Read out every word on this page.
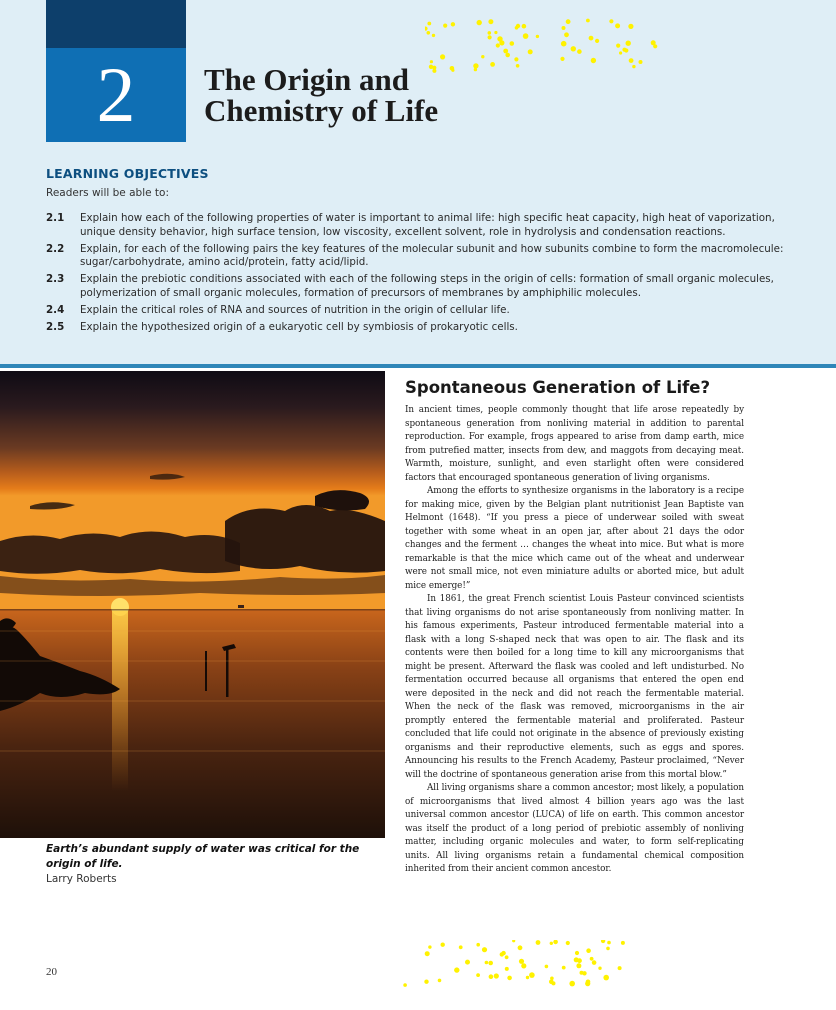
2	The Origin and
Chemistry of Life
LEARNING OBJECTIVES

Readers will be able to:

2.1	Explain how each of the following properties of water is important to animal life: high specific heat capacity, high heat of vaporization, unique density behavior, high surface tension, low viscosity, excellent solvent, role in hydrolysis and condensation reactions.
2.2	Explain, for each of the following pairs the key features of the molecular subunit and how subunits combine to form the macromolecule: sugar/carbohydrate, amino acid/protein, fatty acid/lipid.
2.3	Explain the prebiotic conditions associated with each of the following steps in the origin of cells: formation of small organic molecules, polymerization of small organic molecules, formation of precursors of membranes by amphiphilic molecules.
2.4	Explain the critical roles of RNA and sources of nutrition in the origin of cellular life.
2.5	Explain the hypothesized origin of a eukaryotic cell by symbiosis of prokaryotic cells.
Earth’s abundant supply of water was critical for the origin of life.
Larry Roberts
Spontaneous Generation of Life?

In ancient times, people commonly thought that life arose repeatedly by spontaneous generation from nonliving material in addition to parental reproduction. For example, frogs appeared to arise from damp earth, mice from putrefied matter, insects from dew, and maggots from decaying meat. Warmth, moisture, sunlight, and even starlight often were considered factors that encouraged spontaneous generation of living organisms.

Among the efforts to synthesize organisms in the laboratory is a recipe for making mice, given by the Belgian plant nutritionist Jean Baptiste van Helmont (1648). “If you press a piece of underwear soiled with sweat together with some wheat in an open jar, after about 21 days the odor changes and the ferment … changes the wheat into mice. But what is more remarkable is that the mice which came out of the wheat and underwear were not small mice, not even miniature adults or aborted mice, but adult mice emerge!”

In 1861, the great French scientist Louis Pasteur convinced scientists that living organisms do not arise spontaneously from nonliving matter. In his famous experiments, Pasteur introduced fermentable material into a flask with a long S-shaped neck that was open to air. The flask and its contents were then boiled for a long time to kill any microorganisms that might be present. Afterward the flask was cooled and left undisturbed. No fermentation occurred because all organisms that entered the open end were deposited in the neck and did not reach the fermentable material. When the neck of the flask was removed, microorganisms in the air promptly entered the fermentable material and proliferated. Pasteur concluded that life could not originate in the absence of previously existing organisms and their reproductive elements, such as eggs and spores. Announcing his results to the French Academy, Pasteur proclaimed, “Never will the doctrine of spontaneous generation arise from this mortal blow.”

All living organisms share a common ancestor; most likely, a population of microorganisms that lived almost 4 billion years ago was the last universal common ancestor (LUCA) of life on earth. This common ancestor was itself the product of a long period of prebiotic assembly of nonliving matter, including organic molecules and water, to form self-replicating units. All living organisms retain a fundamental chemical composition inherited from their ancient common ancestor.

20
